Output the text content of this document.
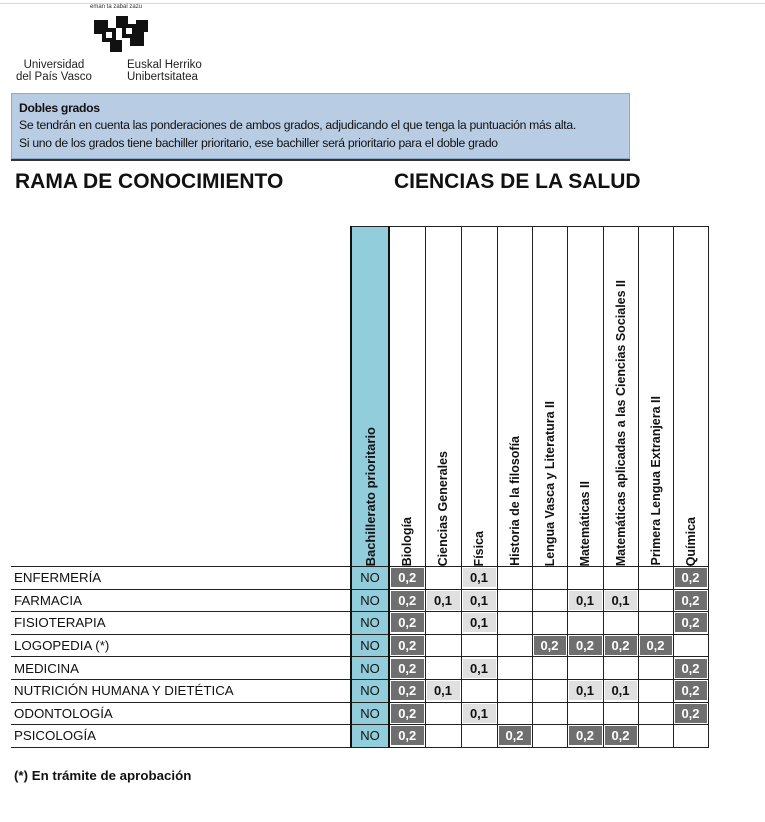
eman ta zabal zazu
Universidad
del País Vasco
Euskal Herriko
Unibertsitatea
Dobles grados
Se tendrán en cuenta las ponderaciones de ambos grados, adjudicando el que tenga la puntuación más alta.
Si uno de los grados tiene bachiller prioritario, ese bachiller será prioritario para el doble grado
RAMA DE CONOCIMIENTO	CIENCIAS DE LA SALUD

	Bachillerato prioritario	Biología	Ciencias Generales	Física	Historia de la filosofía	Lengua Vasca y Literatura II	Matemáticas II	Matemáticas aplicadas a las Ciencias Sociales II	Primera Lengua Extranjera II	Química

ENFERMERÍA	NO	0,2		0,1						0,2

FARMACIA	NO	0,2	0,1	0,1			0,1	0,1		0,2

FISIOTERAPIA	NO	0,2		0,1						0,2

LOGOPEDIA (*)	NO	0,2				0,2	0,2	0,2	0,2	

MEDICINA	NO	0,2		0,1						0,2

NUTRICIÓN HUMANA Y DIETÉTICA	NO	0,2	0,1				0,1	0,1		0,2

ODONTOLOGÍA	NO	0,2		0,1						0,2

PSICOLOGÍA	NO	0,2			0,2		0,2	0,2		

(*) En trámite de aprobación
